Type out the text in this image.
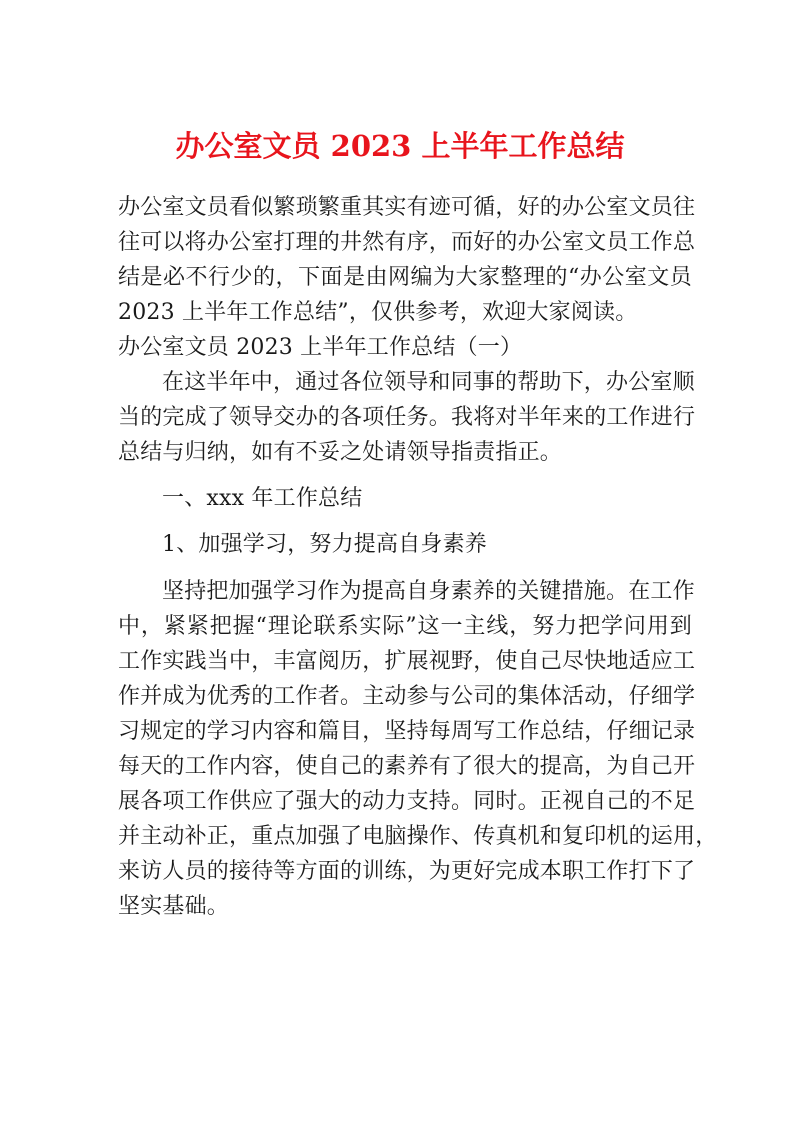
办公室文员 2023 上半年工作总结
办公室文员看似繁琐繁重其实有迹可循，好的办公室文员往
往可以将办公室打理的井然有序，而好的办公室文员工作总
结是必不行少的，下面是由网编为大家整理的“办公室文员
2023 上半年工作总结”，仅供参考，欢迎大家阅读。
办公室文员 2023 上半年工作总结（一）
在这半年中，通过各位领导和同事的帮助下，办公室顺
当的完成了领导交办的各项任务。我将对半年来的工作进行
总结与归纳，如有不妥之处请领导指责指正。
一、xxx 年工作总结
1、加强学习，努力提高自身素养
坚持把加强学习作为提高自身素养的关键措施。在工作
中，紧紧把握“理论联系实际”这一主线，努力把学问用到
工作实践当中，丰富阅历，扩展视野，使自己尽快地适应工
作并成为优秀的工作者。主动参与公司的集体活动，仔细学
习规定的学习内容和篇目，坚持每周写工作总结，仔细记录
每天的工作内容，使自己的素养有了很大的提高，为自己开
展各项工作供应了强大的动力支持。同时。正视自己的不足
并主动补正，重点加强了电脑操作、传真机和复印机的运用，
来访人员的接待等方面的训练，为更好完成本职工作打下了
坚实基础。
